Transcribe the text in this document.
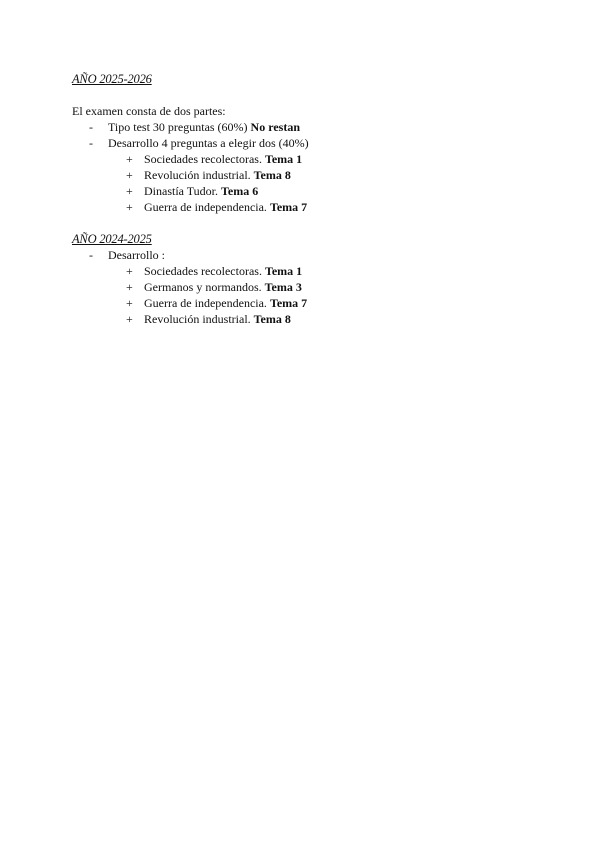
AÑO 2025-2026
El examen consta de dos partes:
- Tipo test 30 preguntas (60%) No restan
- Desarrollo 4 preguntas a elegir dos (40%)
+ Sociedades recolectoras. Tema 1
+ Revolución industrial. Tema 8
+ Dinastía Tudor. Tema 6
+ Guerra de independencia. Tema 7
AÑO 2024-2025
- Desarrollo :
+ Sociedades recolectoras. Tema 1
+ Germanos y normandos. Tema 3
+ Guerra de independencia. Tema 7
+ Revolución industrial. Tema 8
